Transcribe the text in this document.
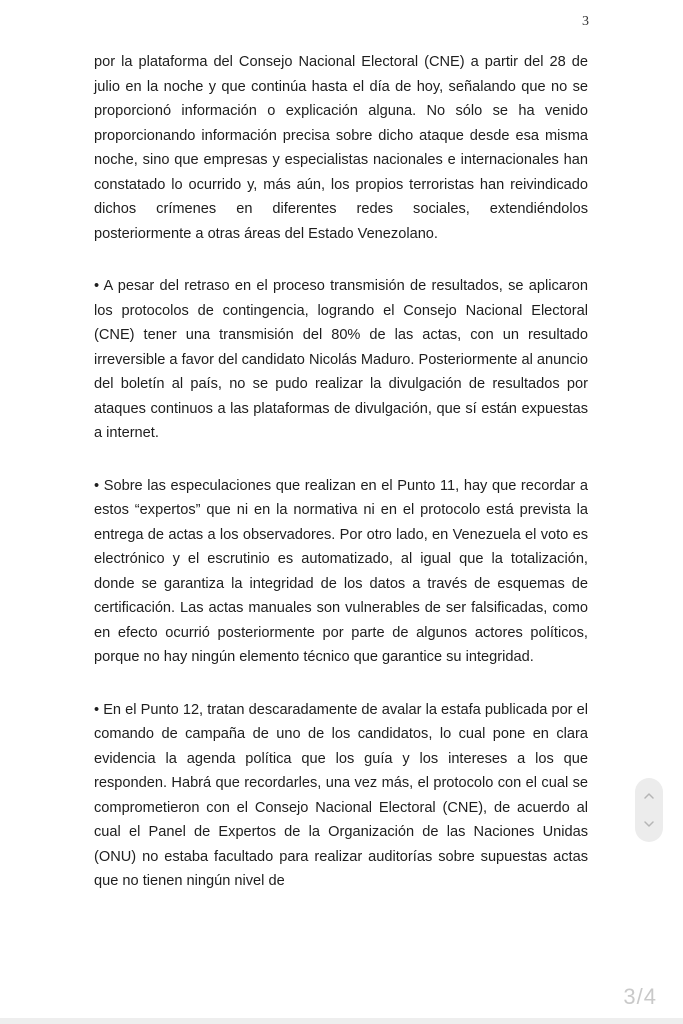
3

por la plataforma del Consejo Nacional Electoral (CNE) a partir del 28 de julio en la noche y que continúa hasta el día de hoy, señalando que no se proporcionó información o explicación alguna. No sólo se ha venido proporcionando información precisa sobre dicho ataque desde esa misma noche, sino que empresas y especialistas nacionales e internacionales han constatado lo ocurrido y, más aún, los propios terroristas han reivindicado dichos crímenes en diferentes redes sociales, extendiéndolos posteriormente a otras áreas del Estado Venezolano.

• A pesar del retraso en el proceso transmisión de resultados, se aplicaron los protocolos de contingencia, logrando el Consejo Nacional Electoral (CNE) tener una transmisión del 80% de las actas, con un resultado irreversible a favor del candidato Nicolás Maduro. Posteriormente al anuncio del boletín al país, no se pudo realizar la divulgación de resultados por ataques continuos a las plataformas de divulgación, que sí están expuestas a internet.

• Sobre las especulaciones que realizan en el Punto 11, hay que recordar a estos “expertos” que ni en la normativa ni en el protocolo está prevista la entrega de actas a los observadores. Por otro lado, en Venezuela el voto es electrónico y el escrutinio es automatizado, al igual que la totalización, donde se garantiza la integridad de los datos a través de esquemas de certificación. Las actas manuales son vulnerables de ser falsificadas, como en efecto ocurrió posteriormente por parte de algunos actores políticos, porque no hay ningún elemento técnico que garantice su integridad.

• En el Punto 12, tratan descaradamente de avalar la estafa publicada por el comando de campaña de uno de los candidatos, lo cual pone en clara evidencia la agenda política que los guía y los intereses a los que responden. Habrá que recordarles, una vez más, el protocolo con el cual se comprometieron con el Consejo Nacional Electoral (CNE), de acuerdo al cual el Panel de Expertos de la Organización de las Naciones Unidas (ONU) no estaba facultado para realizar auditorías sobre supuestas actas que no tienen ningún nivel de

3/4
